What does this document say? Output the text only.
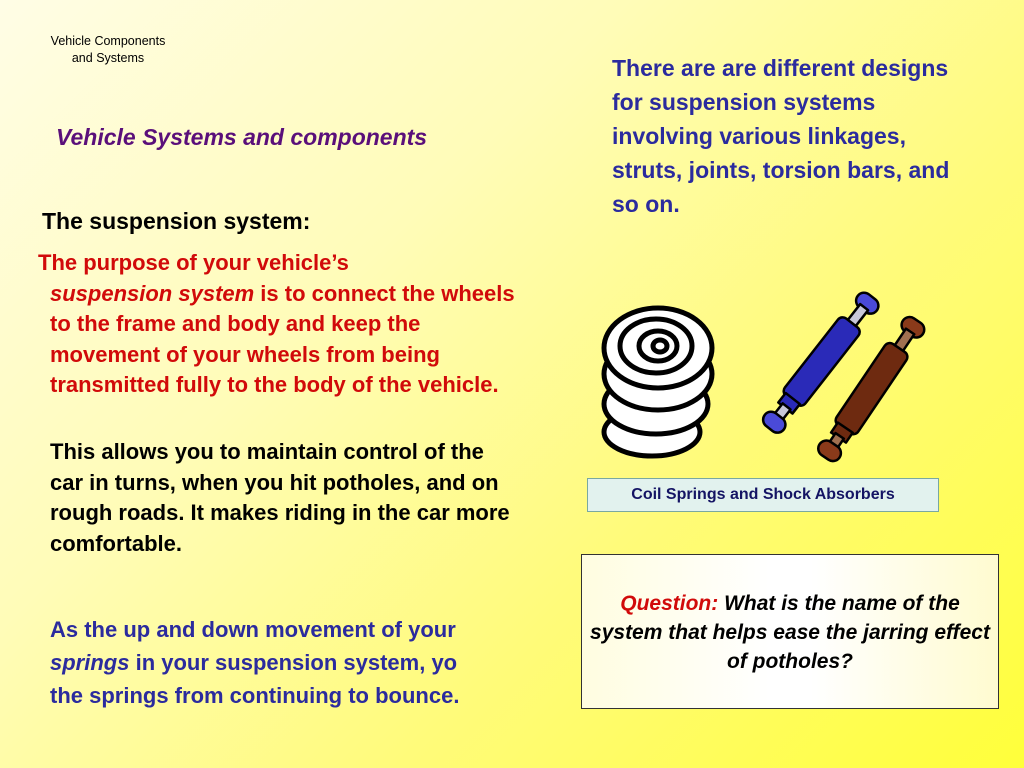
Vehicle Components
and Systems
Vehicle Systems and components
The suspension system:
The purpose of your vehicle’s
suspension system is to connect the wheels to the frame and body and keep the movement of your wheels from being transmitted fully to the body of the vehicle.
This allows you to maintain control of the car in turns, when you hit potholes, and on rough roads. It makes riding in the car more comfortable.
As the up and down movement of your
springs in your suspension system, yo
the springs from continuing to bounce.
There are are different designs for suspension systems involving various linkages, struts, joints, torsion bars, and so on.
Coil Springs and Shock Absorbers
Question: What is the name of the system that helps ease the jarring effect of potholes?
